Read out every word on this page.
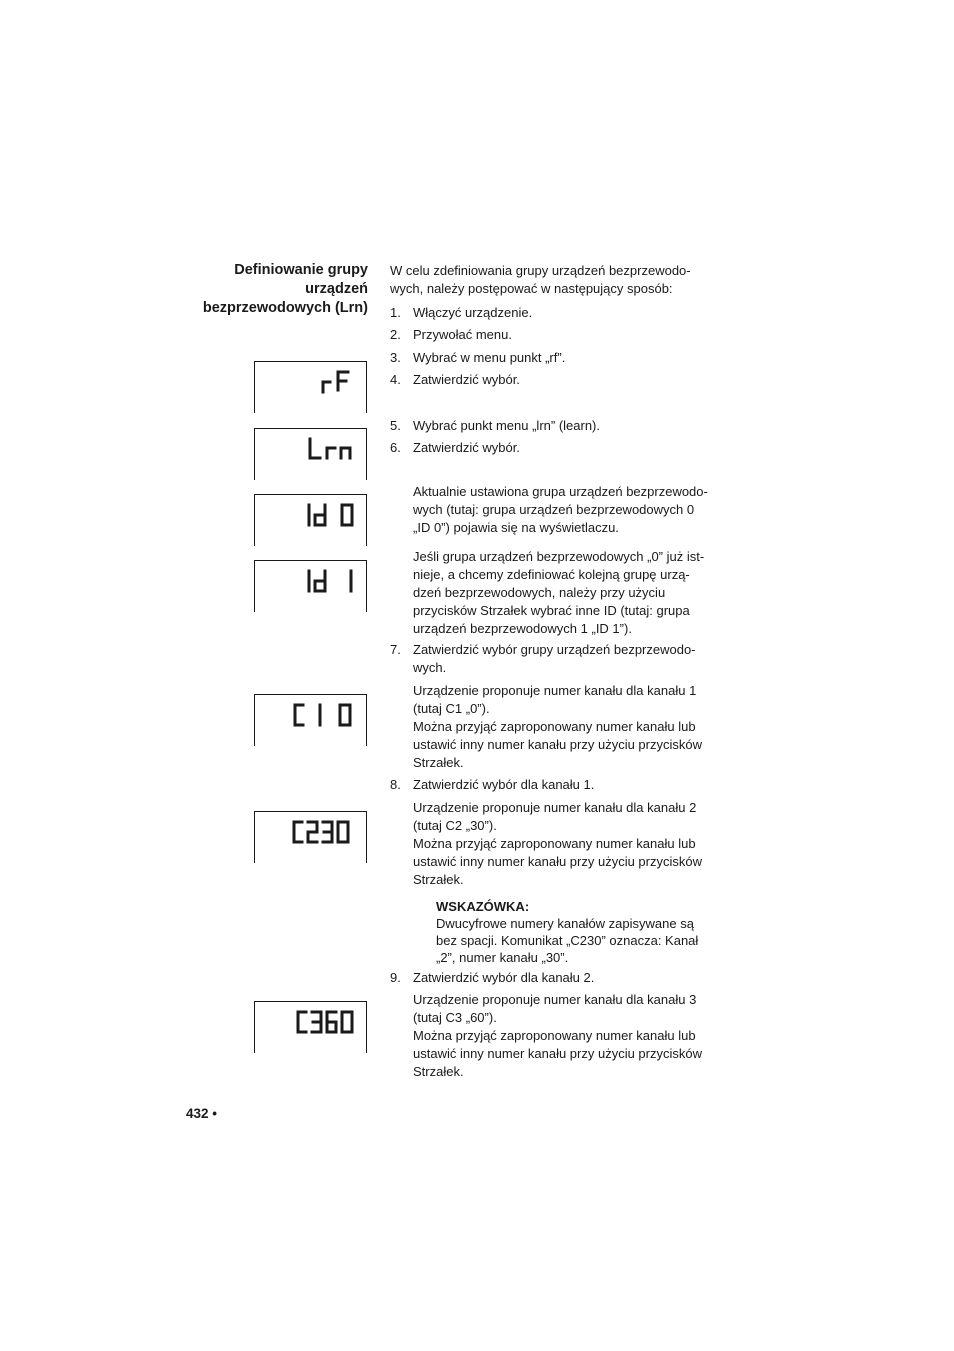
Definiowanie grupy
urządzeń
bezprzewodowych (Lrn)
W celu zdefiniowania grupy urządzeń bezprzewodo-
wych, należy postępować w następujący sposób:
1. Włączyć urządzenie.
2. Przywołać menu.
3. Wybrać w menu punkt „rf”.
4. Zatwierdzić wybór.
5. Wybrać punkt menu „lrn” (learn).
6. Zatwierdzić wybór.
Aktualnie ustawiona grupa urządzeń bezprzewodo-
wych (tutaj: grupa urządzeń bezprzewodowych 0
„ID 0”) pojawia się na wyświetlaczu.
Jeśli grupa urządzeń bezprzewodowych „0” już ist-
nieje, a chcemy zdefiniować kolejną grupę urzą-
dzeń bezprzewodowych, należy przy użyciu
przycisków Strzałek wybrać inne ID (tutaj: grupa
urządzeń bezprzewodowych 1 „ID 1”).
7. Zatwierdzić wybór grupy urządzeń bezprzewodo-
wych.
Urządzenie proponuje numer kanału dla kanału 1
(tutaj C1 „0”).
Można przyjąć zaproponowany numer kanału lub
ustawić inny numer kanału przy użyciu przycisków
Strzałek.
8. Zatwierdzić wybór dla kanału 1.
Urządzenie proponuje numer kanału dla kanału 2
(tutaj C2 „30”).
Można przyjąć zaproponowany numer kanału lub
ustawić inny numer kanału przy użyciu przycisków
Strzałek.
WSKAZÓWKA:
Dwucyfrowe numery kanałów zapisywane są
bez spacji. Komunikat „C230” oznacza: Kanał
„2”, numer kanału „30”.
9. Zatwierdzić wybór dla kanału 2.
Urządzenie proponuje numer kanału dla kanału 3
(tutaj C3 „60”).
Można przyjąć zaproponowany numer kanału lub
ustawić inny numer kanału przy użyciu przycisków
Strzałek.
432 •
